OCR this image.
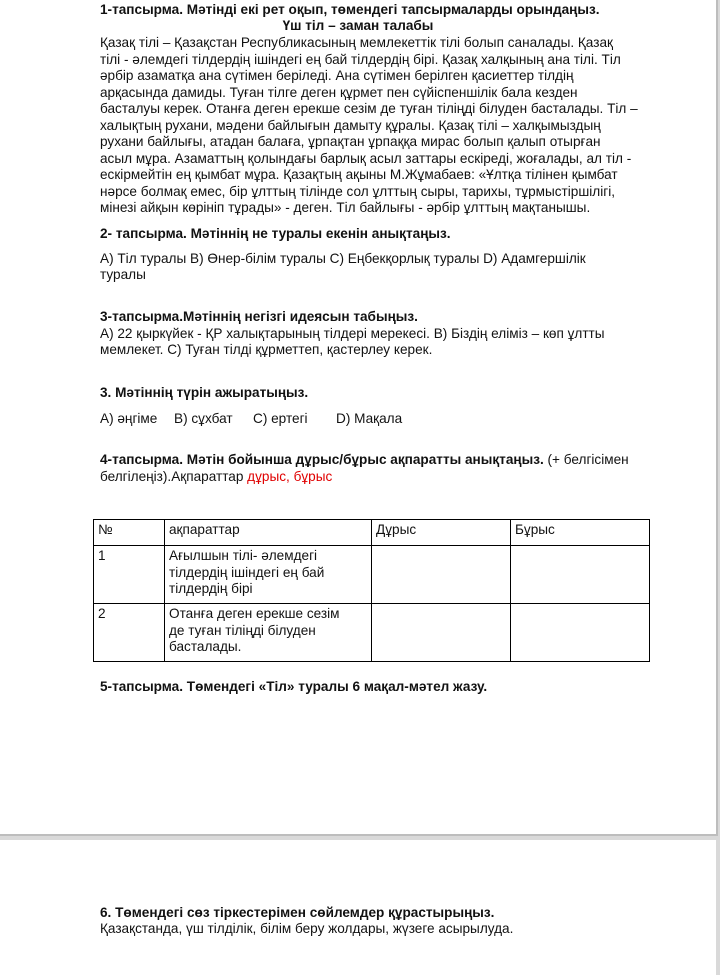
1-тапсырма. Мәтінді екі рет оқып, төмендегі тапсырмаларды орындаңыз.
Үш тіл – заман талабы
Қазақ тілі – Қазақстан Республикасының мемлекеттік тілі болып саналады. Қазақ
тілі - әлемдегі тілдердің ішіндегі ең бай тілдердің бірі. Қазақ халқының ана тілі. Тіл
әрбір азаматқа ана сүтімен беріледі. Ана сүтімен берілген қасиеттер тілдің
арқасында дамиды. Туған тілге деген құрмет пен сүйіспеншілік бала кезден
басталуы керек. Отанға деген ерекше сезім де туған тіліңді білуден басталады. Тіл –
халықтың рухани, мәдени байлығын дамыту құралы. Қазақ тілі – халқымыздың
рухани байлығы, атадан балаға, ұрпақтан ұрпаққа мирас болып қалып отырған
асыл мұра. Азаматтың қолындағы барлық асыл заттары ескіреді, жоғалады, ал тіл -
ескірмейтін ең қымбат мұра. Қазақтың ақыны М.Жұмабаев: «Ұлтқа тілінен қымбат
нәрсе болмақ емес, бір ұлттың тілінде сол ұлттың сыры, тарихы, тұрмыстіршілігі,
мінезі айқын көрініп тұрады» - деген. Тіл байлығы - әрбір ұлттың мақтанышы.
2- тапсырма. Мәтіннің не туралы екенін анықтаңыз.
А) Тіл туралы В) Өнер-білім туралы С) Еңбекқорлық туралы D) Адамгершілік
туралы
3-тапсырма.Мәтіннің негізгі идеясын табыңыз.
А) 22 қыркүйек - ҚР халықтарының тілдері мерекесі. В) Біздің еліміз – көп ұлтты
мемлекет. С) Туған тілді құрметтеп, қастерлеу керек.
3. Мәтіннің түрін ажыратыңыз.
А) әңгіме В) сұхбат С) ертегі D) Мақала
4-тапсырма. Мәтін бойынша дұрыс/бұрыс ақпаратты анықтаңыз. (+ белгісімен
белгілеңіз).Ақпараттар дұрыс, бұрыс
№	ақпараттар	Дұрыс	Бұрыс
1	Ағылшын тілі- әлемдегі
тілдердің ішіндегі ең бай
тілдердің бірі		

2	Отанға деген ерекше сезім
де туған тіліңді білуден
басталады.		

5-тапсырма. Төмендегі «Тіл» туралы 6 мақал-мәтел жазу.
6. Төмендегі сөз тіркестерімен сөйлемдер құрастырыңыз.
Қазақстанда, үш тілділік, білім беру жолдары, жүзеге асырылуда.
